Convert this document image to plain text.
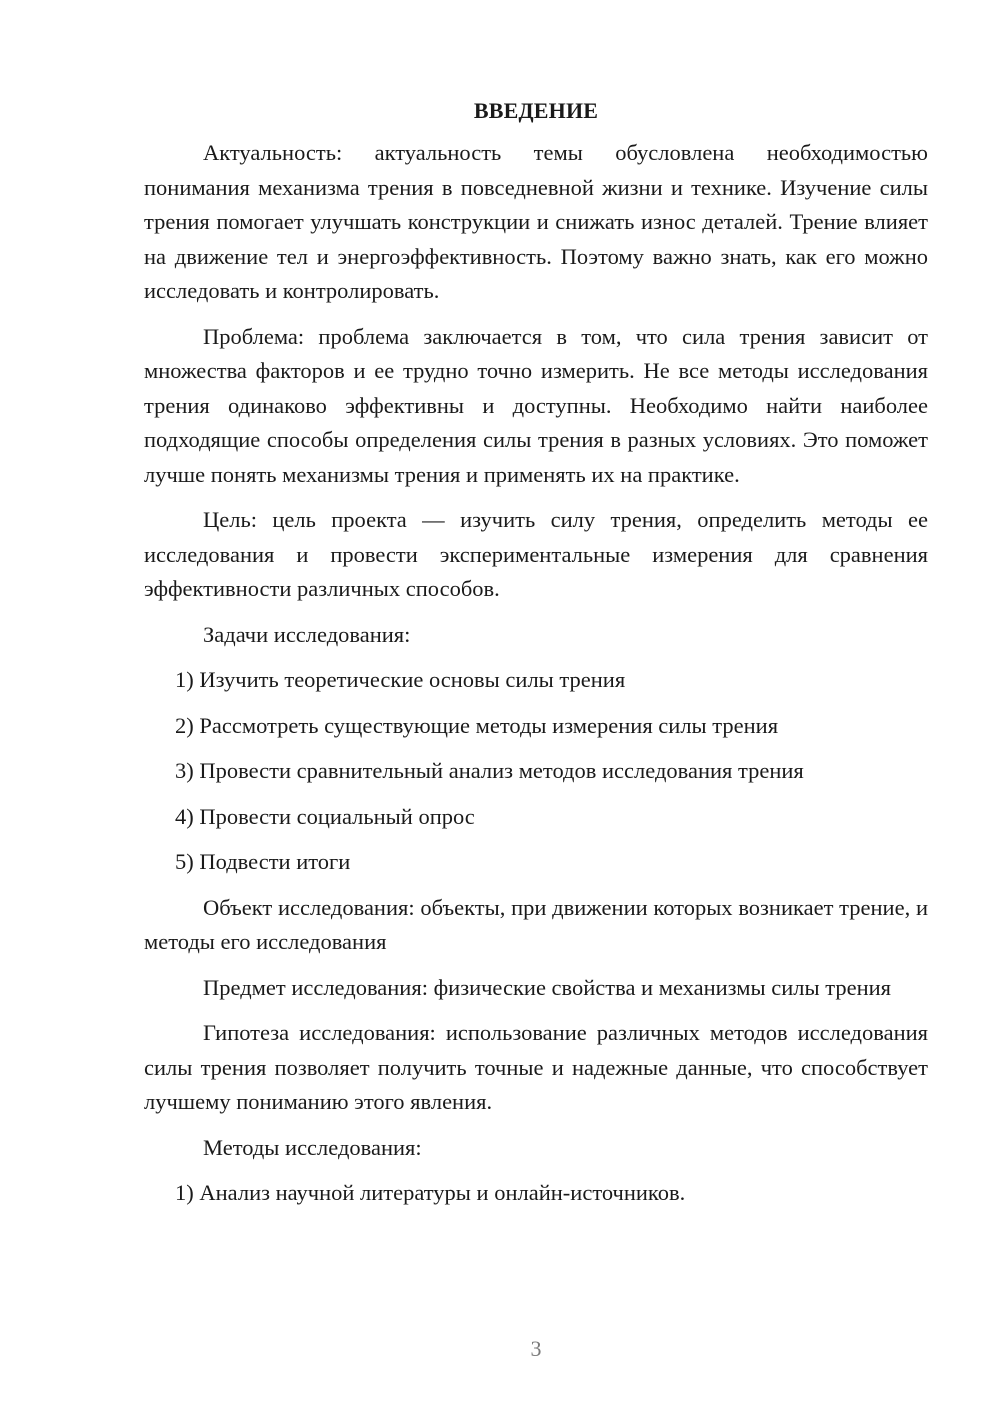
ВВЕДЕНИЕ

Актуальность: актуальность темы обусловлена необходимостью понимания механизма трения в повседневной жизни и технике. Изучение силы трения помогает улучшать конструкции и снижать износ деталей. Трение влияет на движение тел и энергоэффективность. Поэтому важно знать, как его можно исследовать и контролировать.

Проблема: проблема заключается в том, что сила трения зависит от множества факторов и ее трудно точно измерить. Не все методы исследования трения одинаково эффективны и доступны. Необходимо найти наиболее подходящие способы определения силы трения в разных условиях. Это поможет лучше понять механизмы трения и применять их на практике.

Цель: цель проекта — изучить силу трения, определить методы ее исследования и провести экспериментальные измерения для сравнения эффективности различных способов.

Задачи исследования:

1) Изучить теоретические основы силы трения
2) Рассмотреть существующие методы измерения силы трения
3) Провести сравнительный анализ методов исследования трения
4) Провести социальный опрос
5) Подвести итоги

Объект исследования: объекты, при движении которых возникает трение, и методы его исследования

Предмет исследования: физические свойства и механизмы силы трения

Гипотеза исследования: использование различных методов исследования силы трения позволяет получить точные и надежные данные, что способствует лучшему пониманию этого явления.

Методы исследования:

1) Анализ научной литературы и онлайн-источников.
3
